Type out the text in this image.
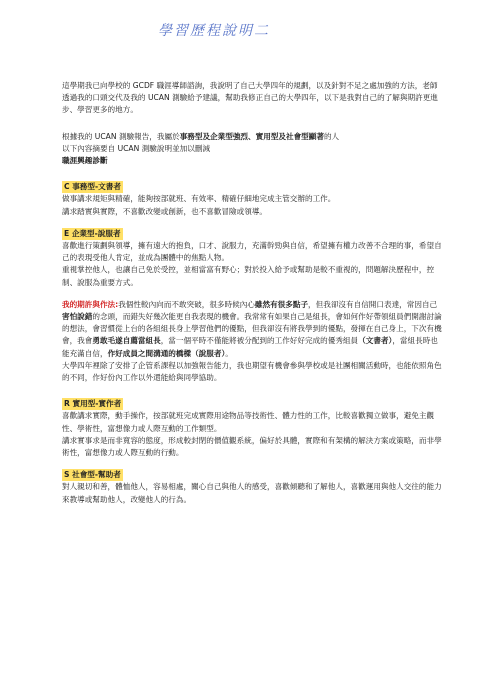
學習歷程說明二

這學期我已向學校的 GCDF 職涯導師諮詢，我說明了自己大學四年的規劃，以及針對不足之處加強的方法，老師透過我的口頭交代及我的 UCAN 測驗給予建議，幫助我修正自己的大學四年，以下是我對自己的了解與期許更進步、學習更多的地方。

根據我的 UCAN 測驗報告，我屬於事務型及企業型強烈、實用型及社會型顯著的人

以下內容摘要自 UCAN 測驗說明並加以刪減

職涯興趣診斷

C 事務型-文書者

做事講求規矩與精確，能夠按部就班、有效率、精確仔細地完成主管交辦的工作。

講求踏實與實際，不喜歡改變或創新，也不喜歡冒險或領導。

E 企業型-說服者

喜歡進行策劃與領導，擁有遠大的抱負，口才、說服力，充滿幹勁與自信，希望擁有權力改善不合理的事，希望自己的表現受他人肯定，並成為團體中的焦點人物。

重視掌控他人，也讓自己免於受控，並相當富有野心；對於投入給予或幫助是較不重視的，問題解決歷程中，控制、說服為重要方式。

我的期許與作法:我個性較內向而不敢突破，很多時候內心雖然有很多點子，但我卻沒有自信開口表達，常因自己害怕說錯的念頭，而錯失好幾次能更自我表現的機會。我常常有如果自己是組長，會如何作好帶領組員們開謝討論的想法，會習慣從上台的各組組長身上學習他們的優點，但我卻沒有將我學到的優點，發揮在自己身上，下次有機會，我會勇敢毛遂自薦當組長，當一個平時不僅能將被分配到的工作好好完成的優秀組員（文書者），當組長時也能充滿自信，作好成員之間溝通的橋樑（說服者）。

大學四年裡除了安排了企管系課程以加強報告能力，我也期望有機會參與學校或是社團相關活動時，也能依照角色的不同，作好份內工作以外還能給與同學協助。

R 實用型-實作者

喜歡講求實際，動手操作，按部就班完成實際用途物品等技術性、體力性的工作，比較喜歡獨立做事，避免主觀性、學術性，富想像力或人際互動的工作類型。

講求實事求是而非寬容的態度，形成較封閉的價值觀系統，偏好於具體，實際和有架構的解決方案或策略，而非學術性，富想像力或人際互動的行動。

S 社會型-幫助者

對人親切和善，體恤他人，容易相處，關心自己與他人的感受，喜歡傾聽和了解他人，喜歡運用與他人交往的能力來教導或幫助他人，改變他人的行為。
